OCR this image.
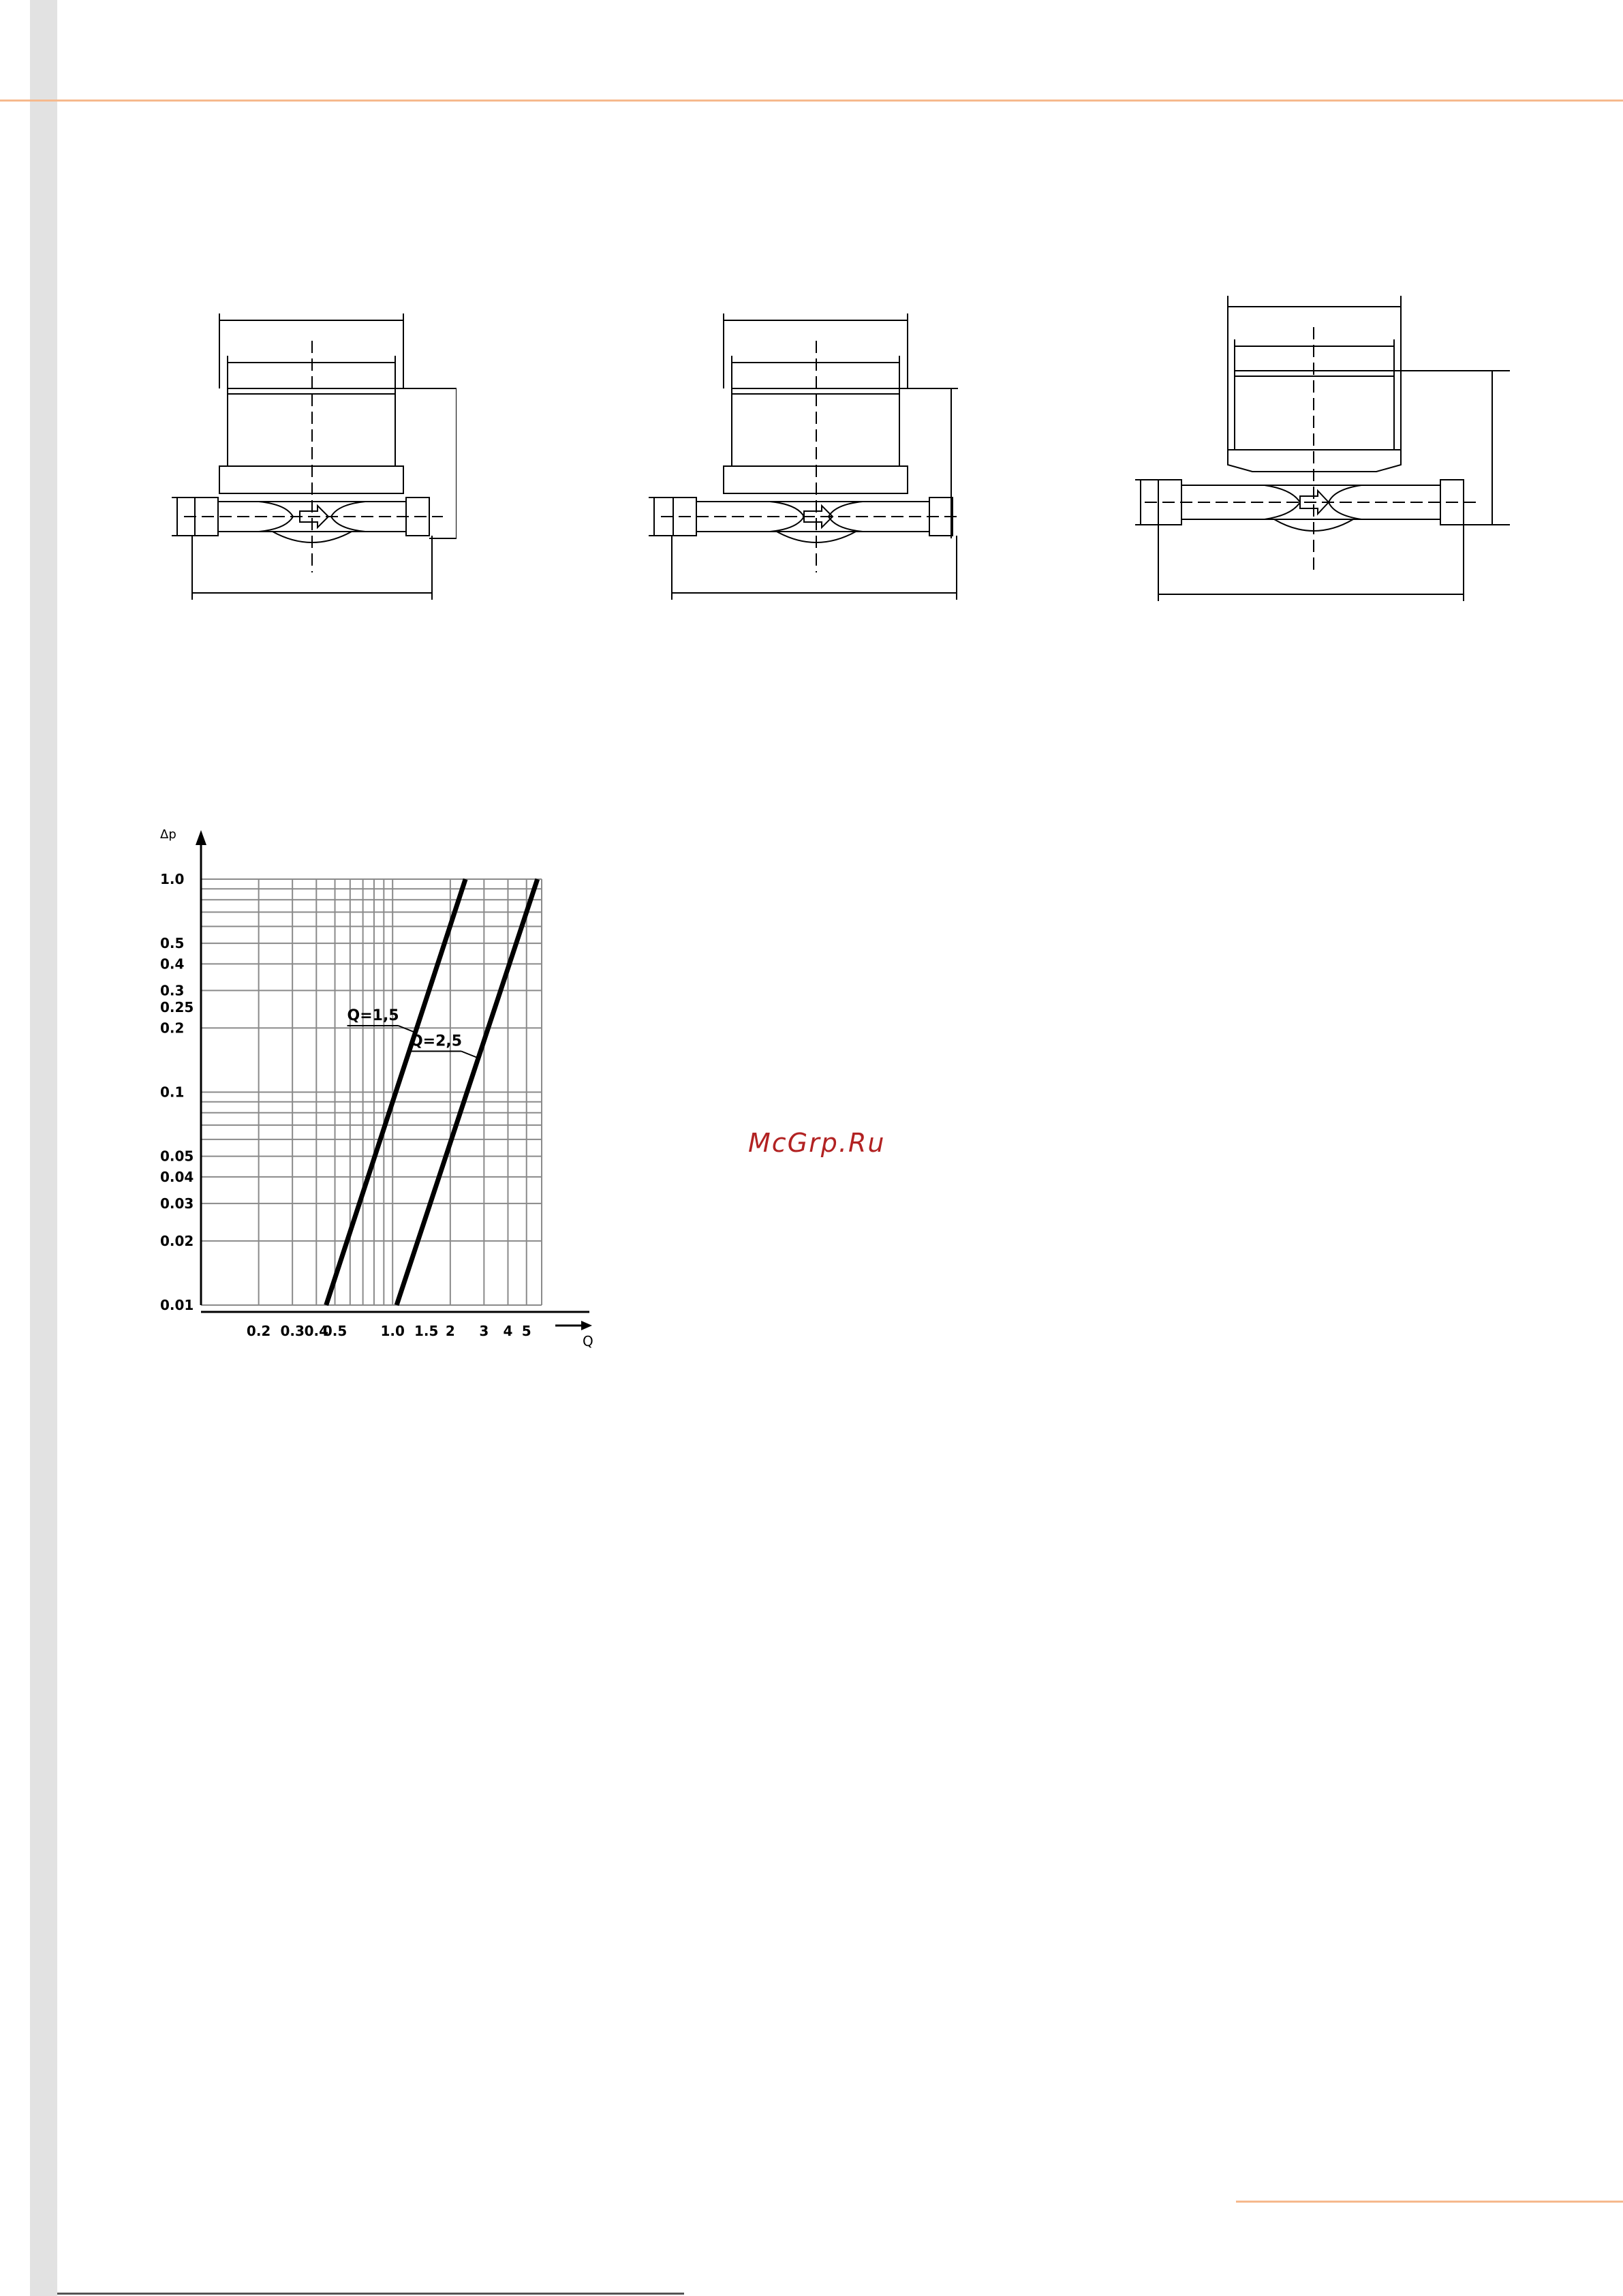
Δp
Q
1.0
0.5
0.4
0.3
0.25
0.2
0.1
0.05
0.04
0.03
0.02
0.01
0.2 0.3 0.4
0.5 1.0 1.5 2 3 4 5
Q=1,5
Q=2,5
McGrp.Ru
